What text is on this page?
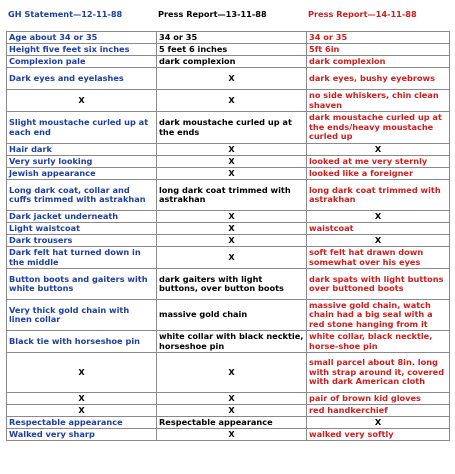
GH Statement—12-11-88	Press Report—13-11-88	Press Report—14-11-88
Age about 34 or 35	34 or 35	34 or 35
Height five feet six inches	5 feet 6 inches	5ft 6in
Complexion pale	dark complexion	dark complexion
Dark eyes and eyelashes	X	dark eyes, bushy eyebrows
X	X	no side whiskers, chin clean shaven
Slight moustache curled up at each end	dark moustache curled up at the ends	dark moustache curled up at the ends/heavy moustache curled up
Hair dark	X	X
Very surly looking	X	looked at me very sternly
Jewish appearance	X	looked like a foreigner
Long dark coat, collar and cuffs trimmed with astrakhan	long dark coat trimmed with astrakhan	long dark coat trimmed with astrakhan
Dark jacket underneath	X	X
Light waistcoat	X	waistcoat
Dark trousers	X	X
Dark felt hat turned down in the middle	X	soft felt hat drawn down somewhat over his eyes
Button boots and gaiters with white buttons	dark gaiters with light buttons, over button boots	dark spats with light buttons over buttoned boots
Very thick gold chain with linen collar	massive gold chain	massive gold chain, watch chain had a big seal with a red stone hanging from it
Black tie with horseshoe pin	white collar with black necktie, horseshoe pin	white collar, black necktie, horse-shoe pin
X	X	small parcel about 8in. long with strap around it, covered with dark American cloth
X	X	pair of brown kid gloves
X	X	red handkerchief
Respectable appearance	Respectable appearance	X
Walked very sharp	X	walked very softly
